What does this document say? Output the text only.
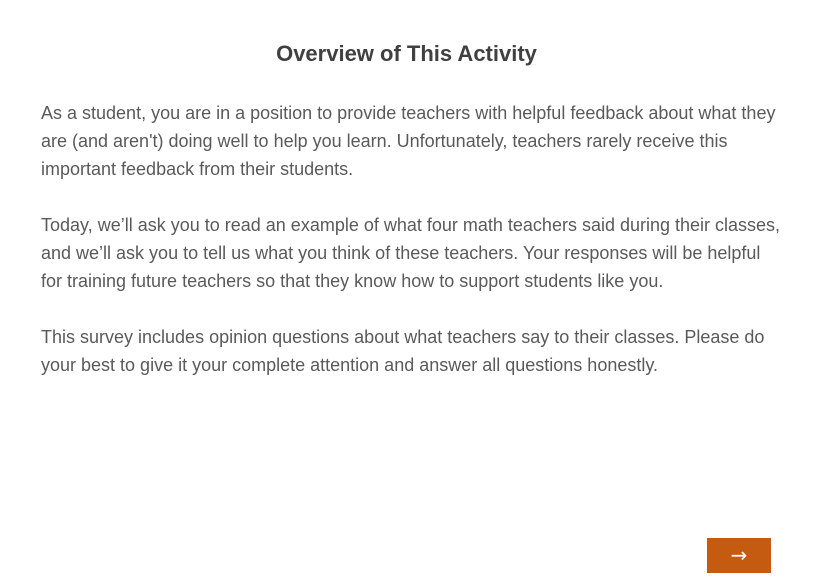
Overview of This Activity

As a student, you are in a position to provide teachers with helpful feedback about what they are (and aren't) doing well to help you learn. Unfortunately, teachers rarely receive this important feedback from their students.

Today, we’ll ask you to read an example of what four math teachers said during their classes, and we’ll ask you to tell us what you think of these teachers. Your responses will be helpful for training future teachers so that they know how to support students like you.

This survey includes opinion questions about what teachers say to their classes. Please do your best to give it your complete attention and answer all questions honestly.

→
